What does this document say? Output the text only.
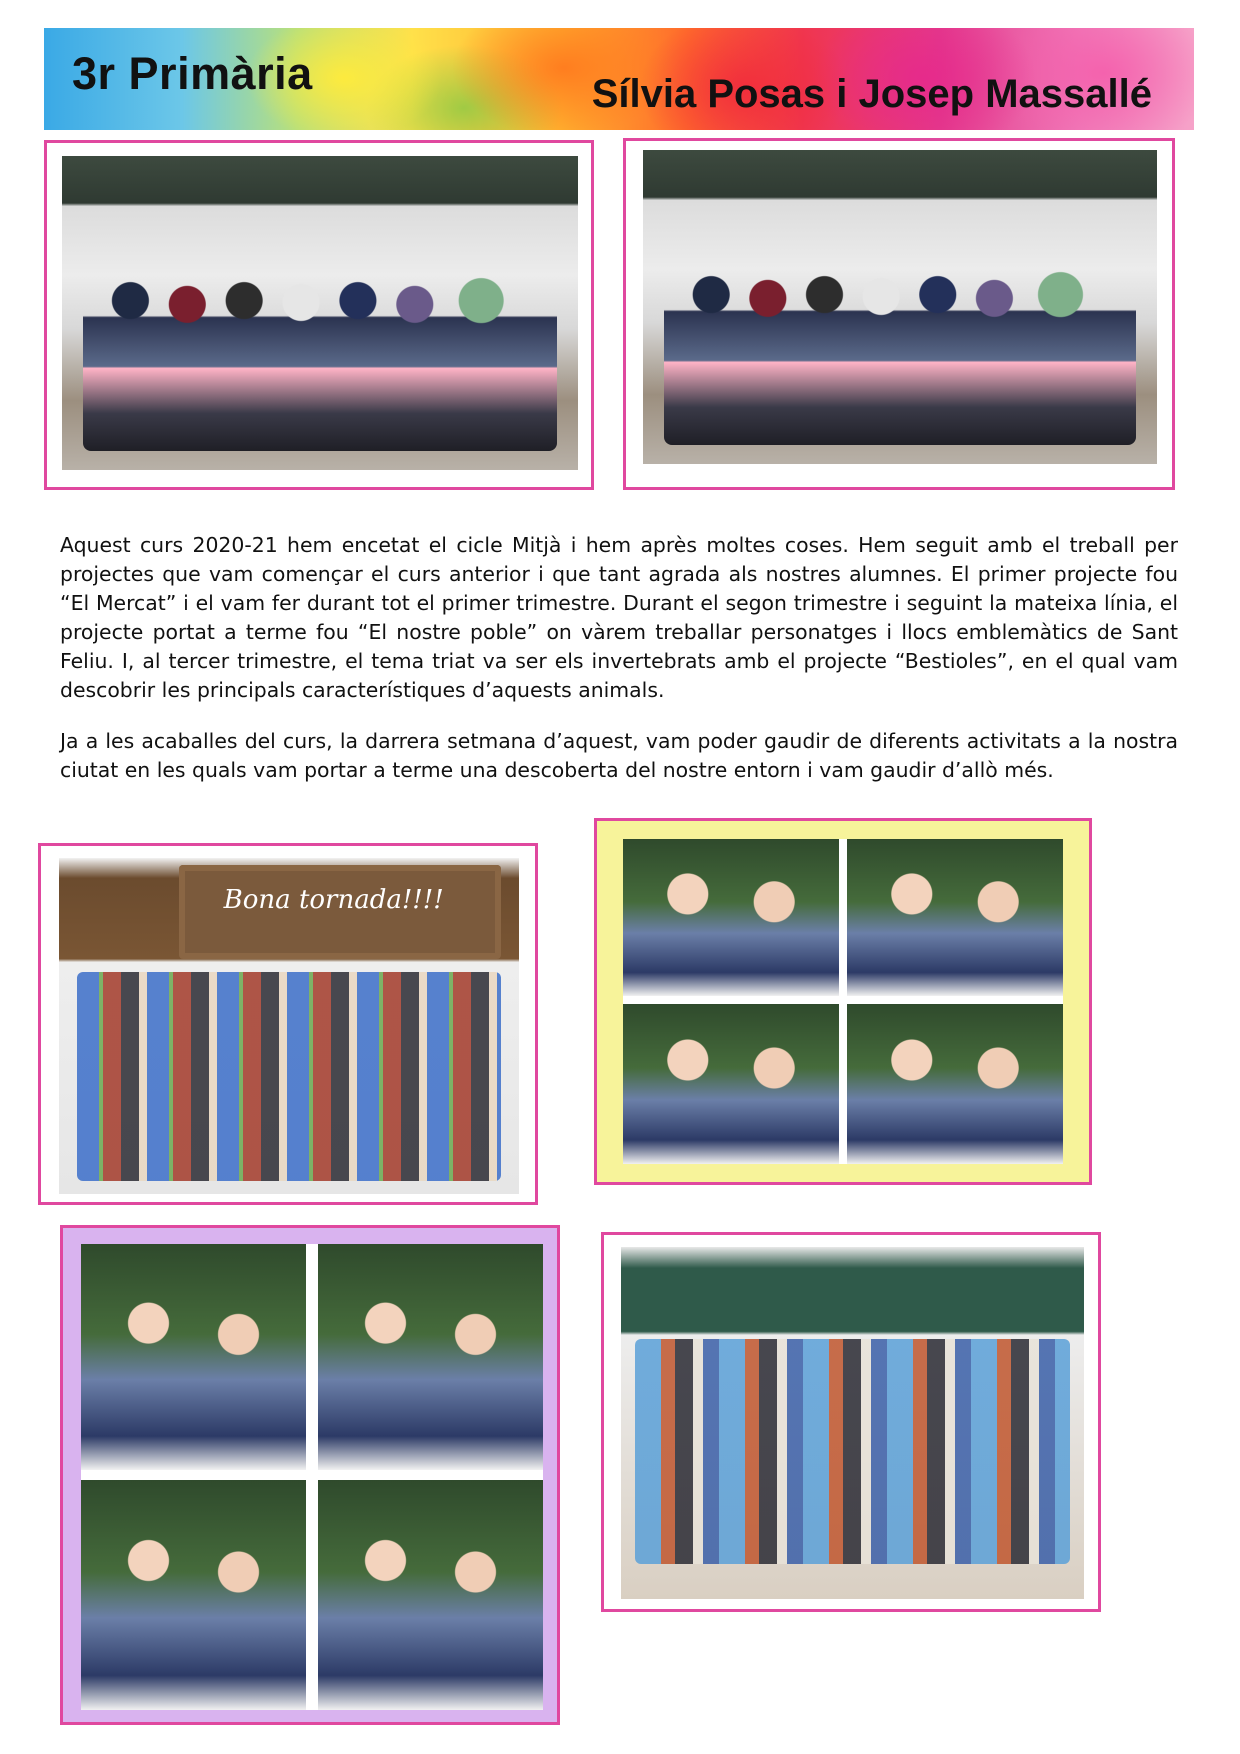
3r Primària	Sílvia Posas i Josep Massallé

Aquest curs 2020-21 hem encetat el cicle Mitjà i hem après moltes coses. Hem seguit amb el treball per projectes que vam començar el curs anterior i que tant agrada als nostres alumnes. El primer projecte fou “El Mercat” i el vam fer durant tot el primer trimestre. Durant el segon trimestre i seguint la mateixa línia, el projecte portat a terme fou “El nostre poble” on vàrem treballar personatges i llocs emblemàtics de Sant Feliu. I, al tercer trimestre, el tema triat va ser els invertebrats amb el projecte “Bestioles”, en el qual vam descobrir les principals característiques d’aquests animals.

Ja a les acaballes del curs, la darrera setmana d’aquest, vam poder gaudir de diferents activitats a la nostra ciutat en les quals vam portar a terme una descoberta del nostre entorn i vam gaudir d’allò més.

Bona tornada!!!!
